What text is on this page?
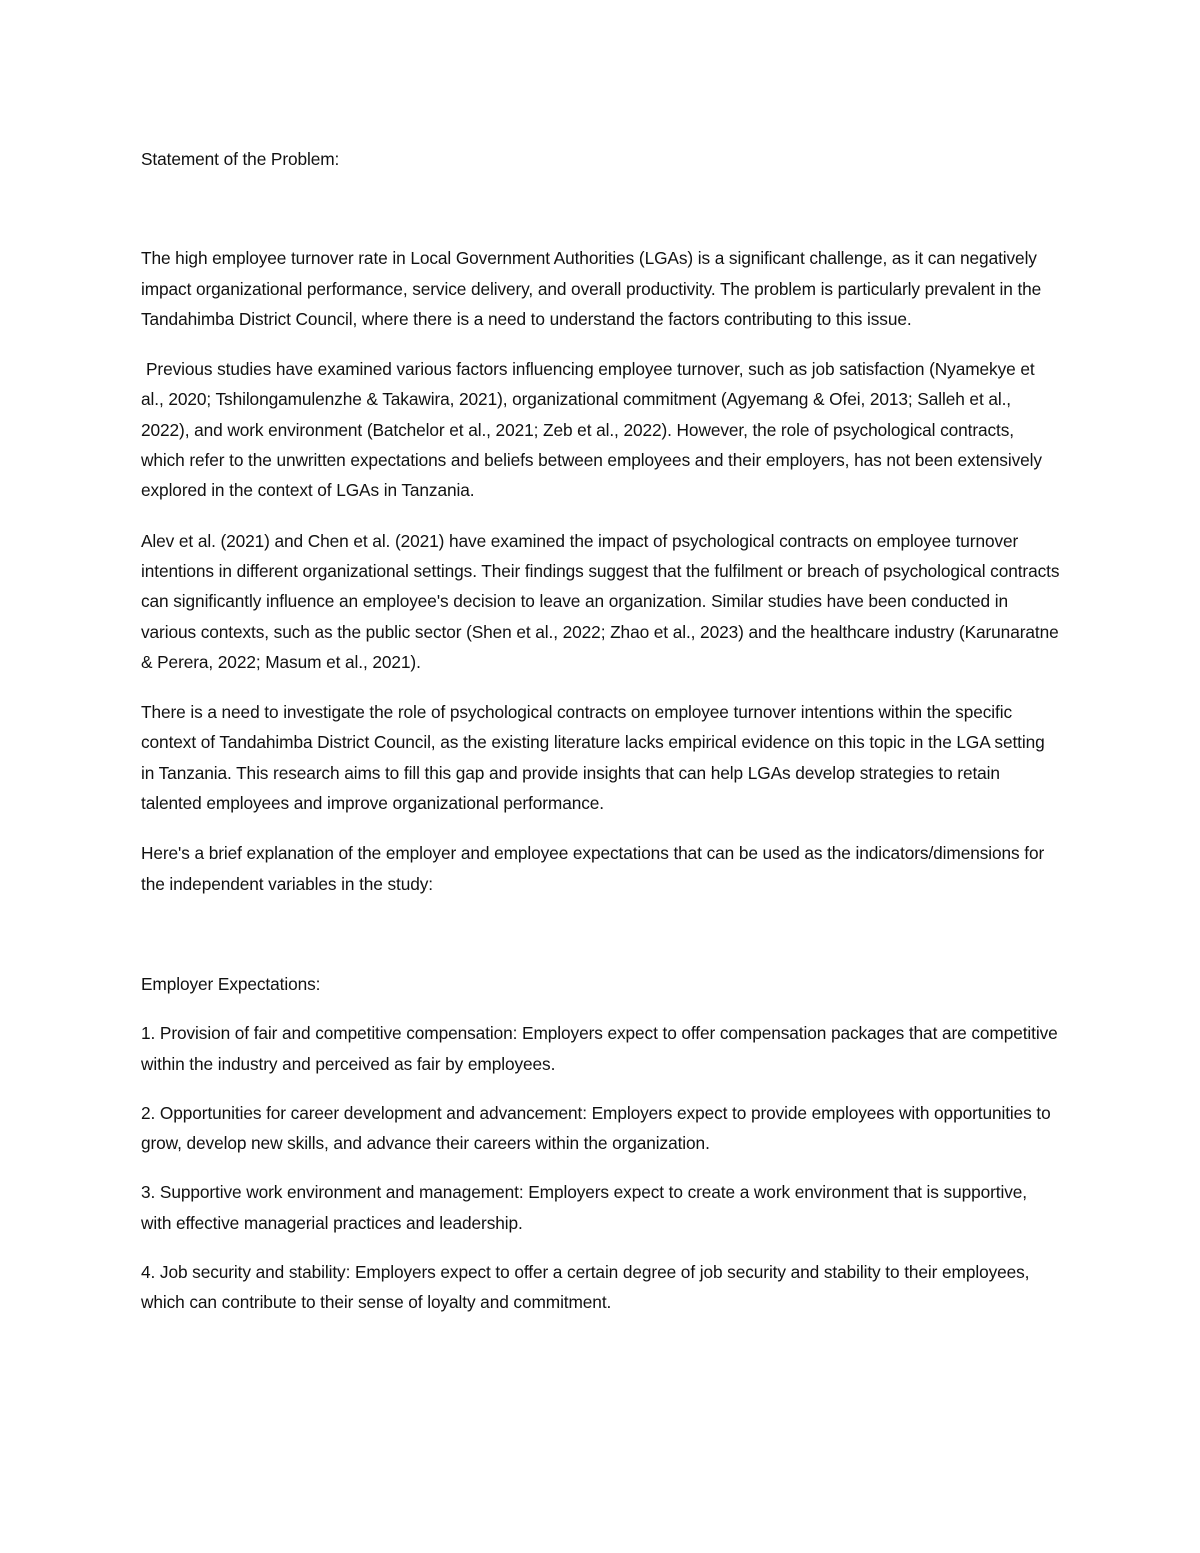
Statement of the Problem:

The high employee turnover rate in Local Government Authorities (LGAs) is a significant challenge, as it can negatively impact organizational performance, service delivery, and overall productivity. The problem is particularly prevalent in the Tandahimba District Council, where there is a need to understand the factors contributing to this issue.

Previous studies have examined various factors influencing employee turnover, such as job satisfaction (Nyamekye et al., 2020; Tshilongamulenzhe & Takawira, 2021), organizational commitment (Agyemang & Ofei, 2013; Salleh et al., 2022), and work environment (Batchelor et al., 2021; Zeb et al., 2022). However, the role of psychological contracts, which refer to the unwritten expectations and beliefs between employees and their employers, has not been extensively explored in the context of LGAs in Tanzania.

Alev et al. (2021) and Chen et al. (2021) have examined the impact of psychological contracts on employee turnover intentions in different organizational settings. Their findings suggest that the fulfilment or breach of psychological contracts can significantly influence an employee's decision to leave an organization. Similar studies have been conducted in various contexts, such as the public sector (Shen et al., 2022; Zhao et al., 2023) and the healthcare industry (Karunaratne & Perera, 2022; Masum et al., 2021).

There is a need to investigate the role of psychological contracts on employee turnover intentions within the specific context of Tandahimba District Council, as the existing literature lacks empirical evidence on this topic in the LGA setting in Tanzania. This research aims to fill this gap and provide insights that can help LGAs develop strategies to retain talented employees and improve organizational performance.

Here's a brief explanation of the employer and employee expectations that can be used as the indicators/dimensions for the independent variables in the study:

Employer Expectations:

1. Provision of fair and competitive compensation: Employers expect to offer compensation packages that are competitive within the industry and perceived as fair by employees.

2. Opportunities for career development and advancement: Employers expect to provide employees with opportunities to grow, develop new skills, and advance their careers within the organization.

3. Supportive work environment and management: Employers expect to create a work environment that is supportive, with effective managerial practices and leadership.

4. Job security and stability: Employers expect to offer a certain degree of job security and stability to their employees, which can contribute to their sense of loyalty and commitment.
